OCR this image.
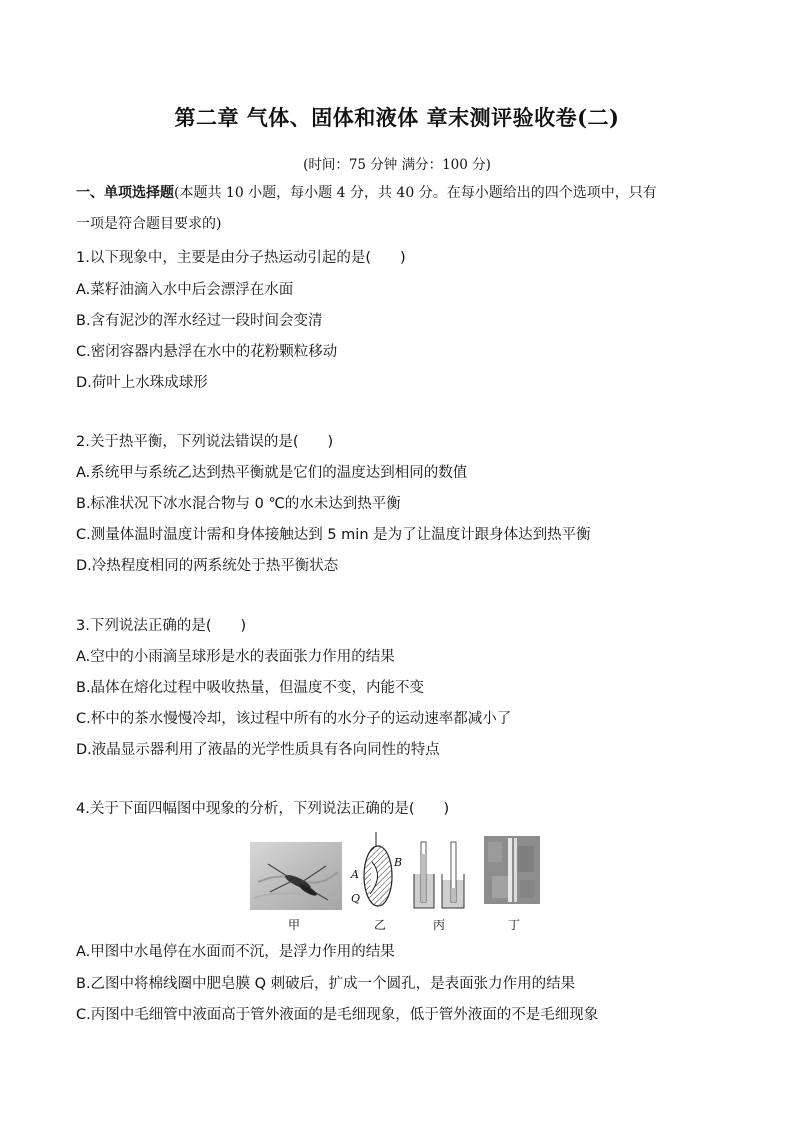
第二章 气体、固体和液体 章末测评验收卷(二)
(时间：75 分钟 满分：100 分)
一、单项选择题(本题共 10 小题，每小题 4 分，共 40 分。在每小题给出的四个选项中，只有
一项是符合题目要求的)
1.以下现象中，主要是由分子热运动引起的是(　　)
A.菜籽油滴入水中后会漂浮在水面
B.含有泥沙的浑水经过一段时间会变清
C.密闭容器内悬浮在水中的花粉颗粒移动
D.荷叶上水珠成球形
2.关于热平衡，下列说法错误的是(　　)
A.系统甲与系统乙达到热平衡就是它们的温度达到相同的数值
B.标准状况下冰水混合物与 0 ℃的水未达到热平衡
C.测量体温时温度计需和身体接触达到 5 min 是为了让温度计跟身体达到热平衡
D.冷热程度相同的两系统处于热平衡状态
3.下列说法正确的是(　　)
A.空中的小雨滴呈球形是水的表面张力作用的结果
B.晶体在熔化过程中吸收热量，但温度不变，内能不变
C.杯中的茶水慢慢冷却，该过程中所有的水分子的运动速率都减小了
D.液晶显示器利用了液晶的光学性质具有各向同性的特点
4.关于下面四幅图中现象的分析，下列说法正确的是(　　)
甲
A
B
Q
乙	丙	丁
A.甲图中水黾停在水面而不沉，是浮力作用的结果
B.乙图中将棉线圈中肥皂膜 Q 刺破后，扩成一个圆孔，是表面张力作用的结果
C.丙图中毛细管中液面高于管外液面的是毛细现象，低于管外液面的不是毛细现象
